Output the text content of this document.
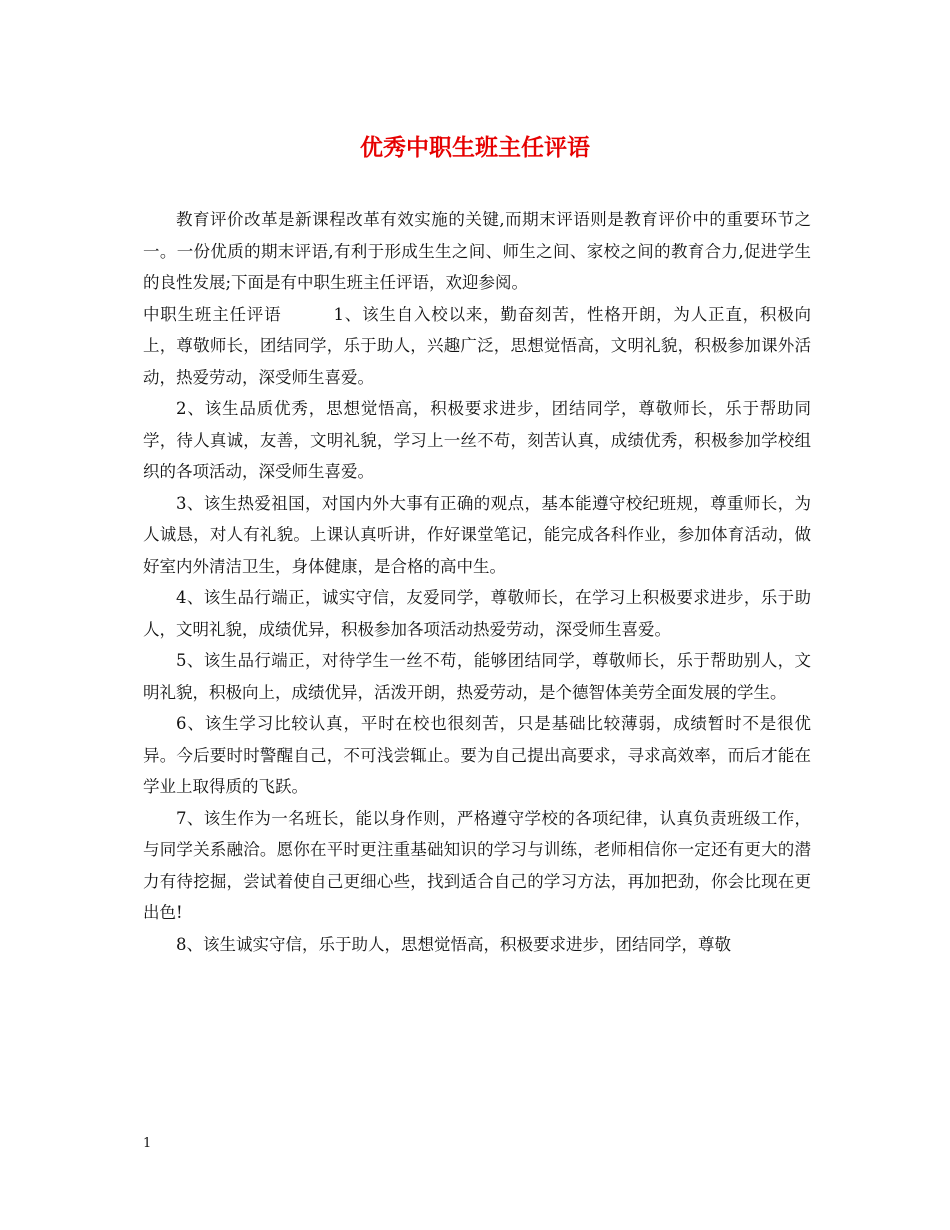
优秀中职生班主任评语

教育评价改革是新课程改革有效实施的关键,而期末评语则是教育评价中的重要环节之一。一份优质的期末评语,有利于形成生生之间、师生之间、家校之间的教育合力,促进学生的良性发展;下面是有中职生班主任评语，欢迎参阅。

中职生班主任评语	1、该生自入校以来，勤奋刻苦，性格开朗，为人正直，积极向上，尊敬师长，团结同学，乐于助人，兴趣广泛，思想觉悟高，文明礼貌，积极参加课外活动，热爱劳动，深受师生喜爱。

2、该生品质优秀，思想觉悟高，积极要求进步，团结同学，尊敬师长，乐于帮助同学，待人真诚，友善，文明礼貌，学习上一丝不苟，刻苦认真，成绩优秀，积极参加学校组织的各项活动，深受师生喜爱。

3、该生热爱祖国，对国内外大事有正确的观点，基本能遵守校纪班规，尊重师长，为人诚恳，对人有礼貌。上课认真听讲，作好课堂笔记，能完成各科作业，参加体育活动，做好室内外清洁卫生，身体健康，是合格的高中生。

4、该生品行端正，诚实守信，友爱同学，尊敬师长，在学习上积极要求进步，乐于助人，文明礼貌，成绩优异，积极参加各项活动热爱劳动，深受师生喜爱。

5、该生品行端正，对待学生一丝不苟，能够团结同学，尊敬师长，乐于帮助别人，文明礼貌，积极向上，成绩优异，活泼开朗，热爱劳动，是个德智体美劳全面发展的学生。

6、该生学习比较认真，平时在校也很刻苦，只是基础比较薄弱，成绩暂时不是很优异。今后要时时警醒自己，不可浅尝辄止。要为自己提出高要求，寻求高效率，而后才能在学业上取得质的飞跃。

7、该生作为一名班长，能以身作则，严格遵守学校的各项纪律，认真负责班级工作，与同学关系融洽。愿你在平时更注重基础知识的学习与训练，老师相信你一定还有更大的潜力有待挖掘，尝试着使自己更细心些，找到适合自己的学习方法，再加把劲，你会比现在更出色!

8、该生诚实守信，乐于助人，思想觉悟高，积极要求进步，团结同学，尊敬

1
